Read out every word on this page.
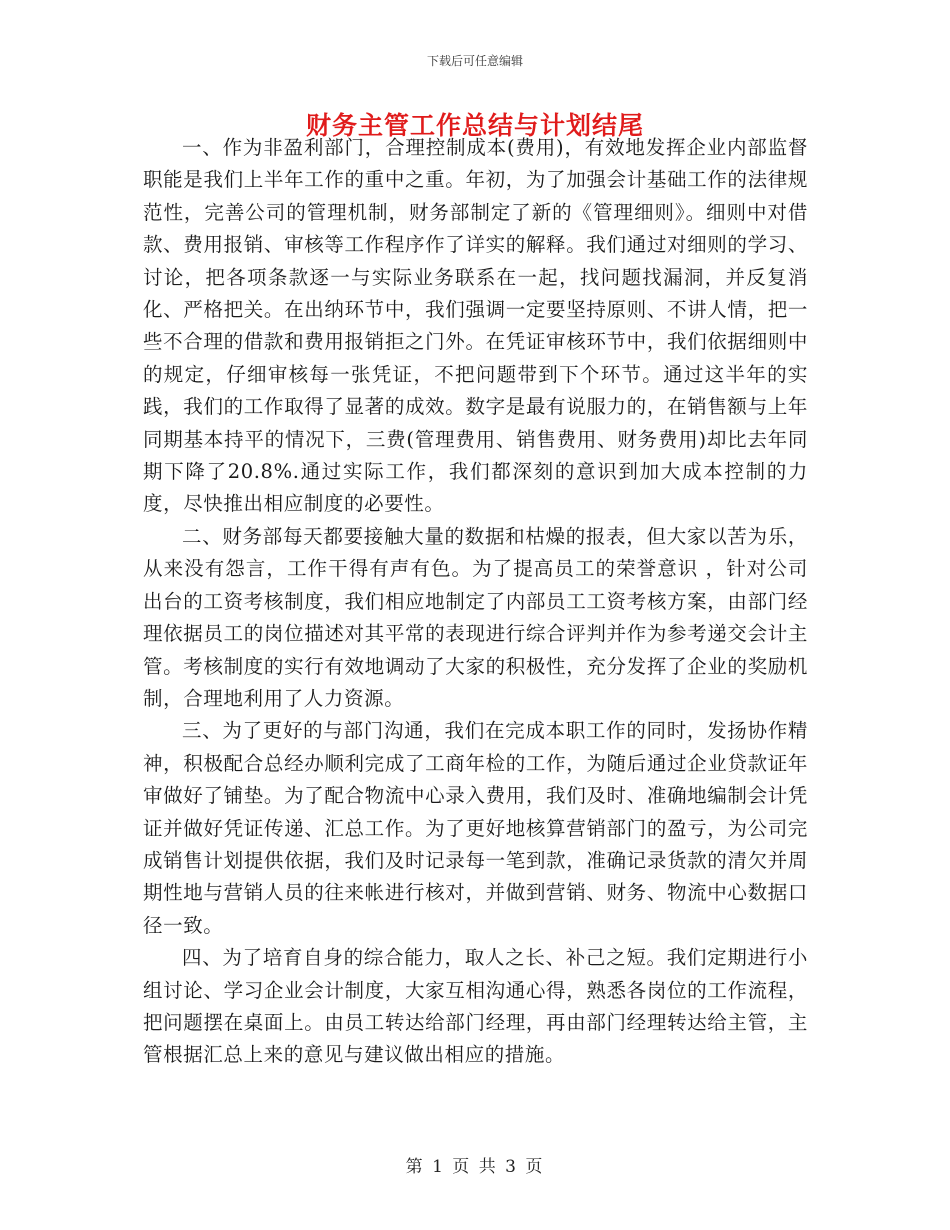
下载后可任意编辑
财务主管工作总结与计划结尾

一、作为非盈利部门，合理控制成本(费用)，有效地发挥企业内部监督职能是我们上半年工作的重中之重。年初，为了加强会计基础工作的法律规范性，完善公司的管理机制，财务部制定了新的《管理细则》。细则中对借款、费用报销、审核等工作程序作了详实的解释。我们通过对细则的学习、讨论，把各项条款逐一与实际业务联系在一起，找问题找漏洞，并反复消化、严格把关。在出纳环节中，我们强调一定要坚持原则、不讲人情，把一些不合理的借款和费用报销拒之门外。在凭证审核环节中，我们依据细则中的规定，仔细审核每一张凭证，不把问题带到下个环节。通过这半年的实践，我们的工作取得了显著的成效。数字是最有说服力的，在销售额与上年同期基本持平的情况下，三费(管理费用、销售费用、财务费用)却比去年同期下降了20.8%.通过实际工作，我们都深刻的意识到加大成本控制的力度，尽快推出相应制度的必要性。

二、财务部每天都要接触大量的数据和枯燥的报表，但大家以苦为乐，从来没有怨言，工作干得有声有色。为了提高员工的荣誉意识 ，针对公司出台的工资考核制度，我们相应地制定了内部员工工资考核方案，由部门经理依据员工的岗位描述对其平常的表现进行综合评判并作为参考递交会计主管。考核制度的实行有效地调动了大家的积极性，充分发挥了企业的奖励机制，合理地利用了人力资源。

三、为了更好的与部门沟通，我们在完成本职工作的同时，发扬协作精神，积极配合总经办顺利完成了工商年检的工作，为随后通过企业贷款证年审做好了铺垫。为了配合物流中心录入费用，我们及时、准确地编制会计凭证并做好凭证传递、汇总工作。为了更好地核算营销部门的盈亏，为公司完成销售计划提供依据，我们及时记录每一笔到款，准确记录货款的清欠并周期性地与营销人员的往来帐进行核对，并做到营销、财务、物流中心数据口径一致。

四、为了培育自身的综合能力，取人之长、补己之短。我们定期进行小组讨论、学习企业会计制度，大家互相沟通心得，熟悉各岗位的工作流程，把问题摆在桌面上。由员工转达给部门经理，再由部门经理转达给主管，主管根据汇总上来的意见与建议做出相应的措施。

第 1 页 共 3 页
